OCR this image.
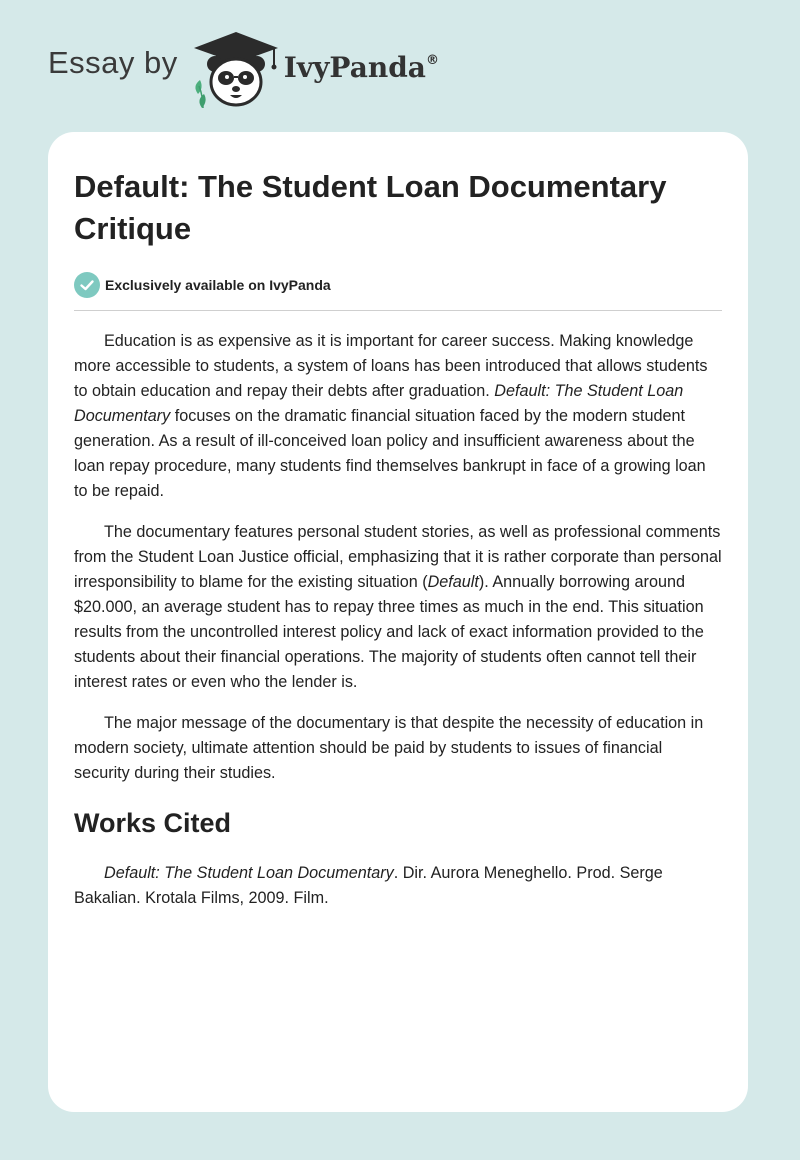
Essay by	IvyPanda®
Default: The Student Loan Documentary Critique
Exclusively available on IvyPanda

Education is as expensive as it is important for career success. Making knowledge more accessible to students, a system of loans has been introduced that allows students to obtain education and repay their debts after graduation. Default: The Student Loan Documentary focuses on the dramatic financial situation faced by the modern student generation. As a result of ill-conceived loan policy and insufficient awareness about the loan repay procedure, many students find themselves bankrupt in face of a growing loan to be repaid.

The documentary features personal student stories, as well as professional comments from the Student Loan Justice official, emphasizing that it is rather corporate than personal irresponsibility to blame for the existing situation (Default). Annually borrowing around $20.000, an average student has to repay three times as much in the end. This situation results from the uncontrolled interest policy and lack of exact information provided to the students about their financial operations. The majority of students often cannot tell their interest rates or even who the lender is.

The major message of the documentary is that despite the necessity of education in modern society, ultimate attention should be paid by students to issues of financial security during their studies.

Works Cited

Default: The Student Loan Documentary. Dir. Aurora Meneghello. Prod. Serge Bakalian. Krotala Films, 2009. Film.
